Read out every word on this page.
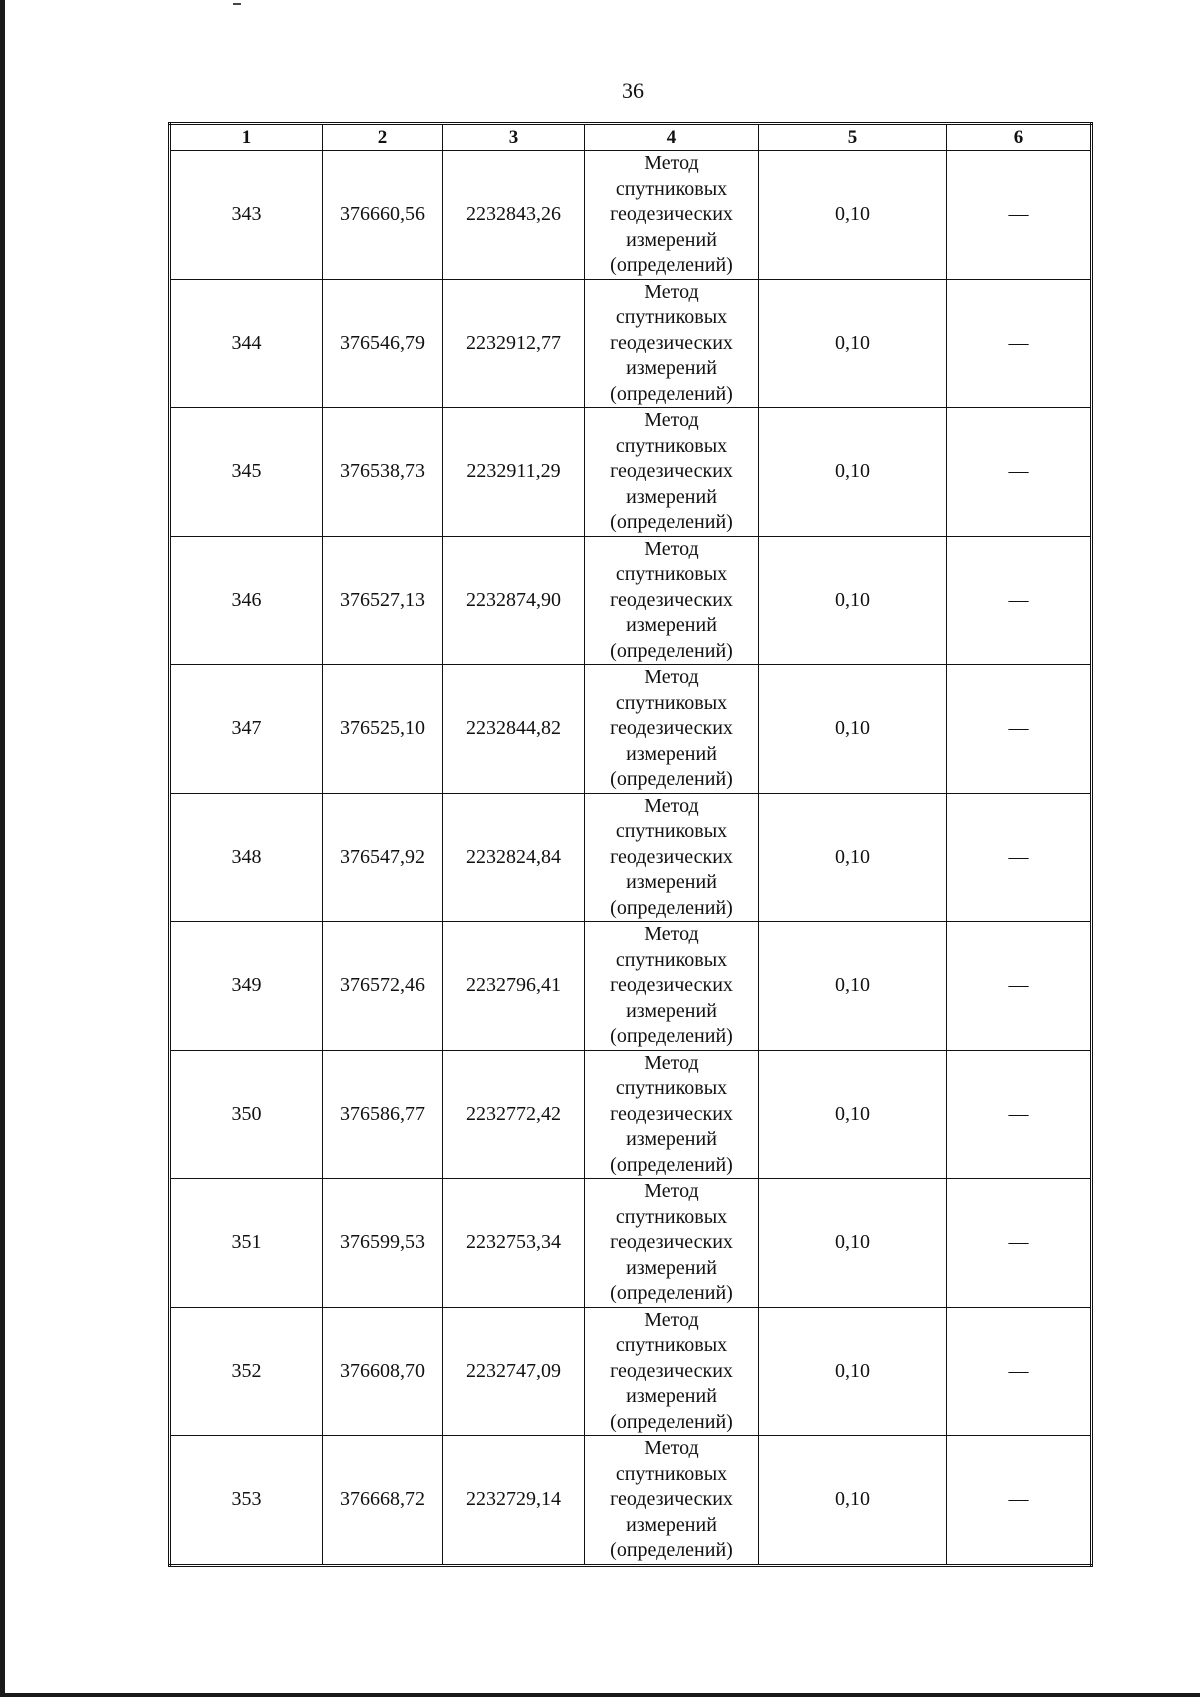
36
1	2	3	4	5	6
343	376660,56	2232843,26	Метод
спутниковых
геодезических
измерений
(определений)	0,10	—
344	376546,79	2232912,77	Метод
спутниковых
геодезических
измерений
(определений)	0,10	—
345	376538,73	2232911,29	Метод
спутниковых
геодезических
измерений
(определений)	0,10	—
346	376527,13	2232874,90	Метод
спутниковых
геодезических
измерений
(определений)	0,10	—
347	376525,10	2232844,82	Метод
спутниковых
геодезических
измерений
(определений)	0,10	—
348	376547,92	2232824,84	Метод
спутниковых
геодезических
измерений
(определений)	0,10	—
349	376572,46	2232796,41	Метод
спутниковых
геодезических
измерений
(определений)	0,10	—
350	376586,77	2232772,42	Метод
спутниковых
геодезических
измерений
(определений)	0,10	—
351	376599,53	2232753,34	Метод
спутниковых
геодезических
измерений
(определений)	0,10	—
352	376608,70	2232747,09	Метод
спутниковых
геодезических
измерений
(определений)	0,10	—
353	376668,72	2232729,14	Метод
спутниковых
геодезических
измерений
(определений)	0,10	—
